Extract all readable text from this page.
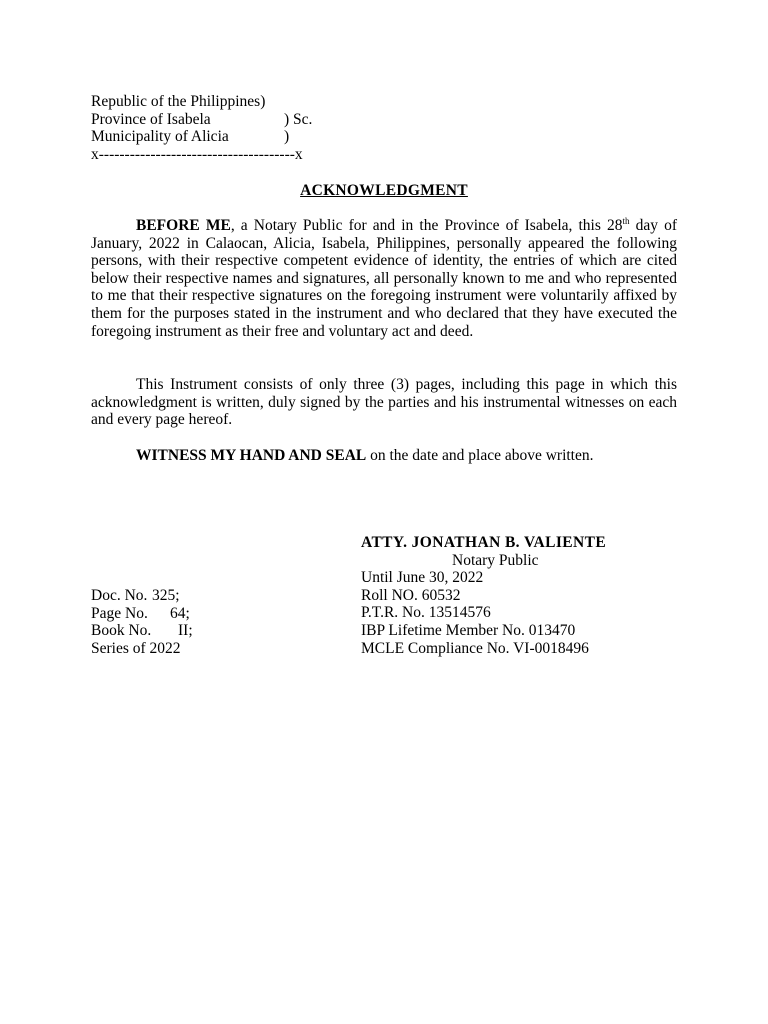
Republic of the Philippines)
Province of Isabela	) Sc.
Municipality of Alicia	)
x--------------------------------------x
ACKNOWLEDGMENT

BEFORE ME, a Notary Public for and in the Province of Isabela, this 28th day of January, 2022 in Calaocan, Alicia, Isabela, Philippines, personally appeared the following persons, with their respective competent evidence of identity, the entries of which are cited below their respective names and signatures, all personally known to me and who represented to me that their respective signatures on the foregoing instrument were voluntarily affixed by them for the purposes stated in the instrument and who declared that they have executed the foregoing instrument as their free and voluntary act and deed.

This Instrument consists of only three (3) pages, including this page in which this acknowledgment is written, duly signed by the parties and his instrumental witnesses on each and every page hereof.

WITNESS MY HAND AND SEAL on the date and place above written.

ATTY. JONATHAN B. VALIENTE
Notary Public
Until June 30, 2022
Roll NO. 60532
P.T.R. No. 13514576
IBP Lifetime Member No. 013470
MCLE Compliance No. VI-0018496
Doc. No. 325;
Page No. 64;
Book No. II;
Series of 2022
